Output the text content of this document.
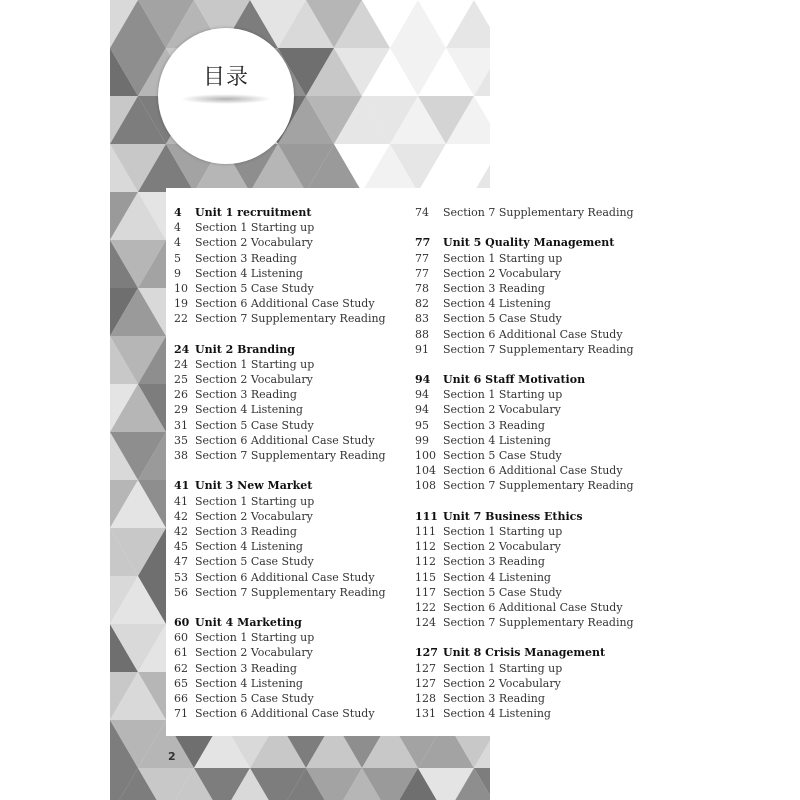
目录
4 Unit 1 recruitment
4 Section 1 Starting up
4 Section 2 Vocabulary
5 Section 3 Reading
9 Section 4 Listening
10 Section 5 Case Study
19 Section 6 Additional Case Study
22 Section 7 Supplementary Reading
24 Unit 2 Branding
24 Section 1 Starting up
25 Section 2 Vocabulary
26 Section 3 Reading
29 Section 4 Listening
31 Section 5 Case Study
35 Section 6 Additional Case Study
38 Section 7 Supplementary Reading
41 Unit 3 New Market
41 Section 1 Starting up
42 Section 2 Vocabulary
42 Section 3 Reading
45 Section 4 Listening
47 Section 5 Case Study
53 Section 6 Additional Case Study
56 Section 7 Supplementary Reading
60 Unit 4 Marketing
60 Section 1 Starting up
61 Section 2 Vocabulary
62 Section 3 Reading
65 Section 4 Listening
66 Section 5 Case Study
71 Section 6 Additional Case Study
74 Section 7 Supplementary Reading
77 Unit 5 Quality Management
77 Section 1 Starting up
77 Section 2 Vocabulary
78 Section 3 Reading
82 Section 4 Listening
83 Section 5 Case Study
88 Section 6 Additional Case Study
91 Section 7 Supplementary Reading
94 Unit 6 Staff Motivation
94 Section 1 Starting up
94 Section 2 Vocabulary
95 Section 3 Reading
99 Section 4 Listening
100 Section 5 Case Study
104 Section 6 Additional Case Study
108 Section 7 Supplementary Reading
111 Unit 7 Business Ethics
111 Section 1 Starting up
112 Section 2 Vocabulary
112 Section 3 Reading
115 Section 4 Listening
117 Section 5 Case Study
122 Section 6 Additional Case Study
124 Section 7 Supplementary Reading
127 Unit 8 Crisis Management
127 Section 1 Starting up
127 Section 2 Vocabulary
128 Section 3 Reading
131 Section 4 Listening
2
